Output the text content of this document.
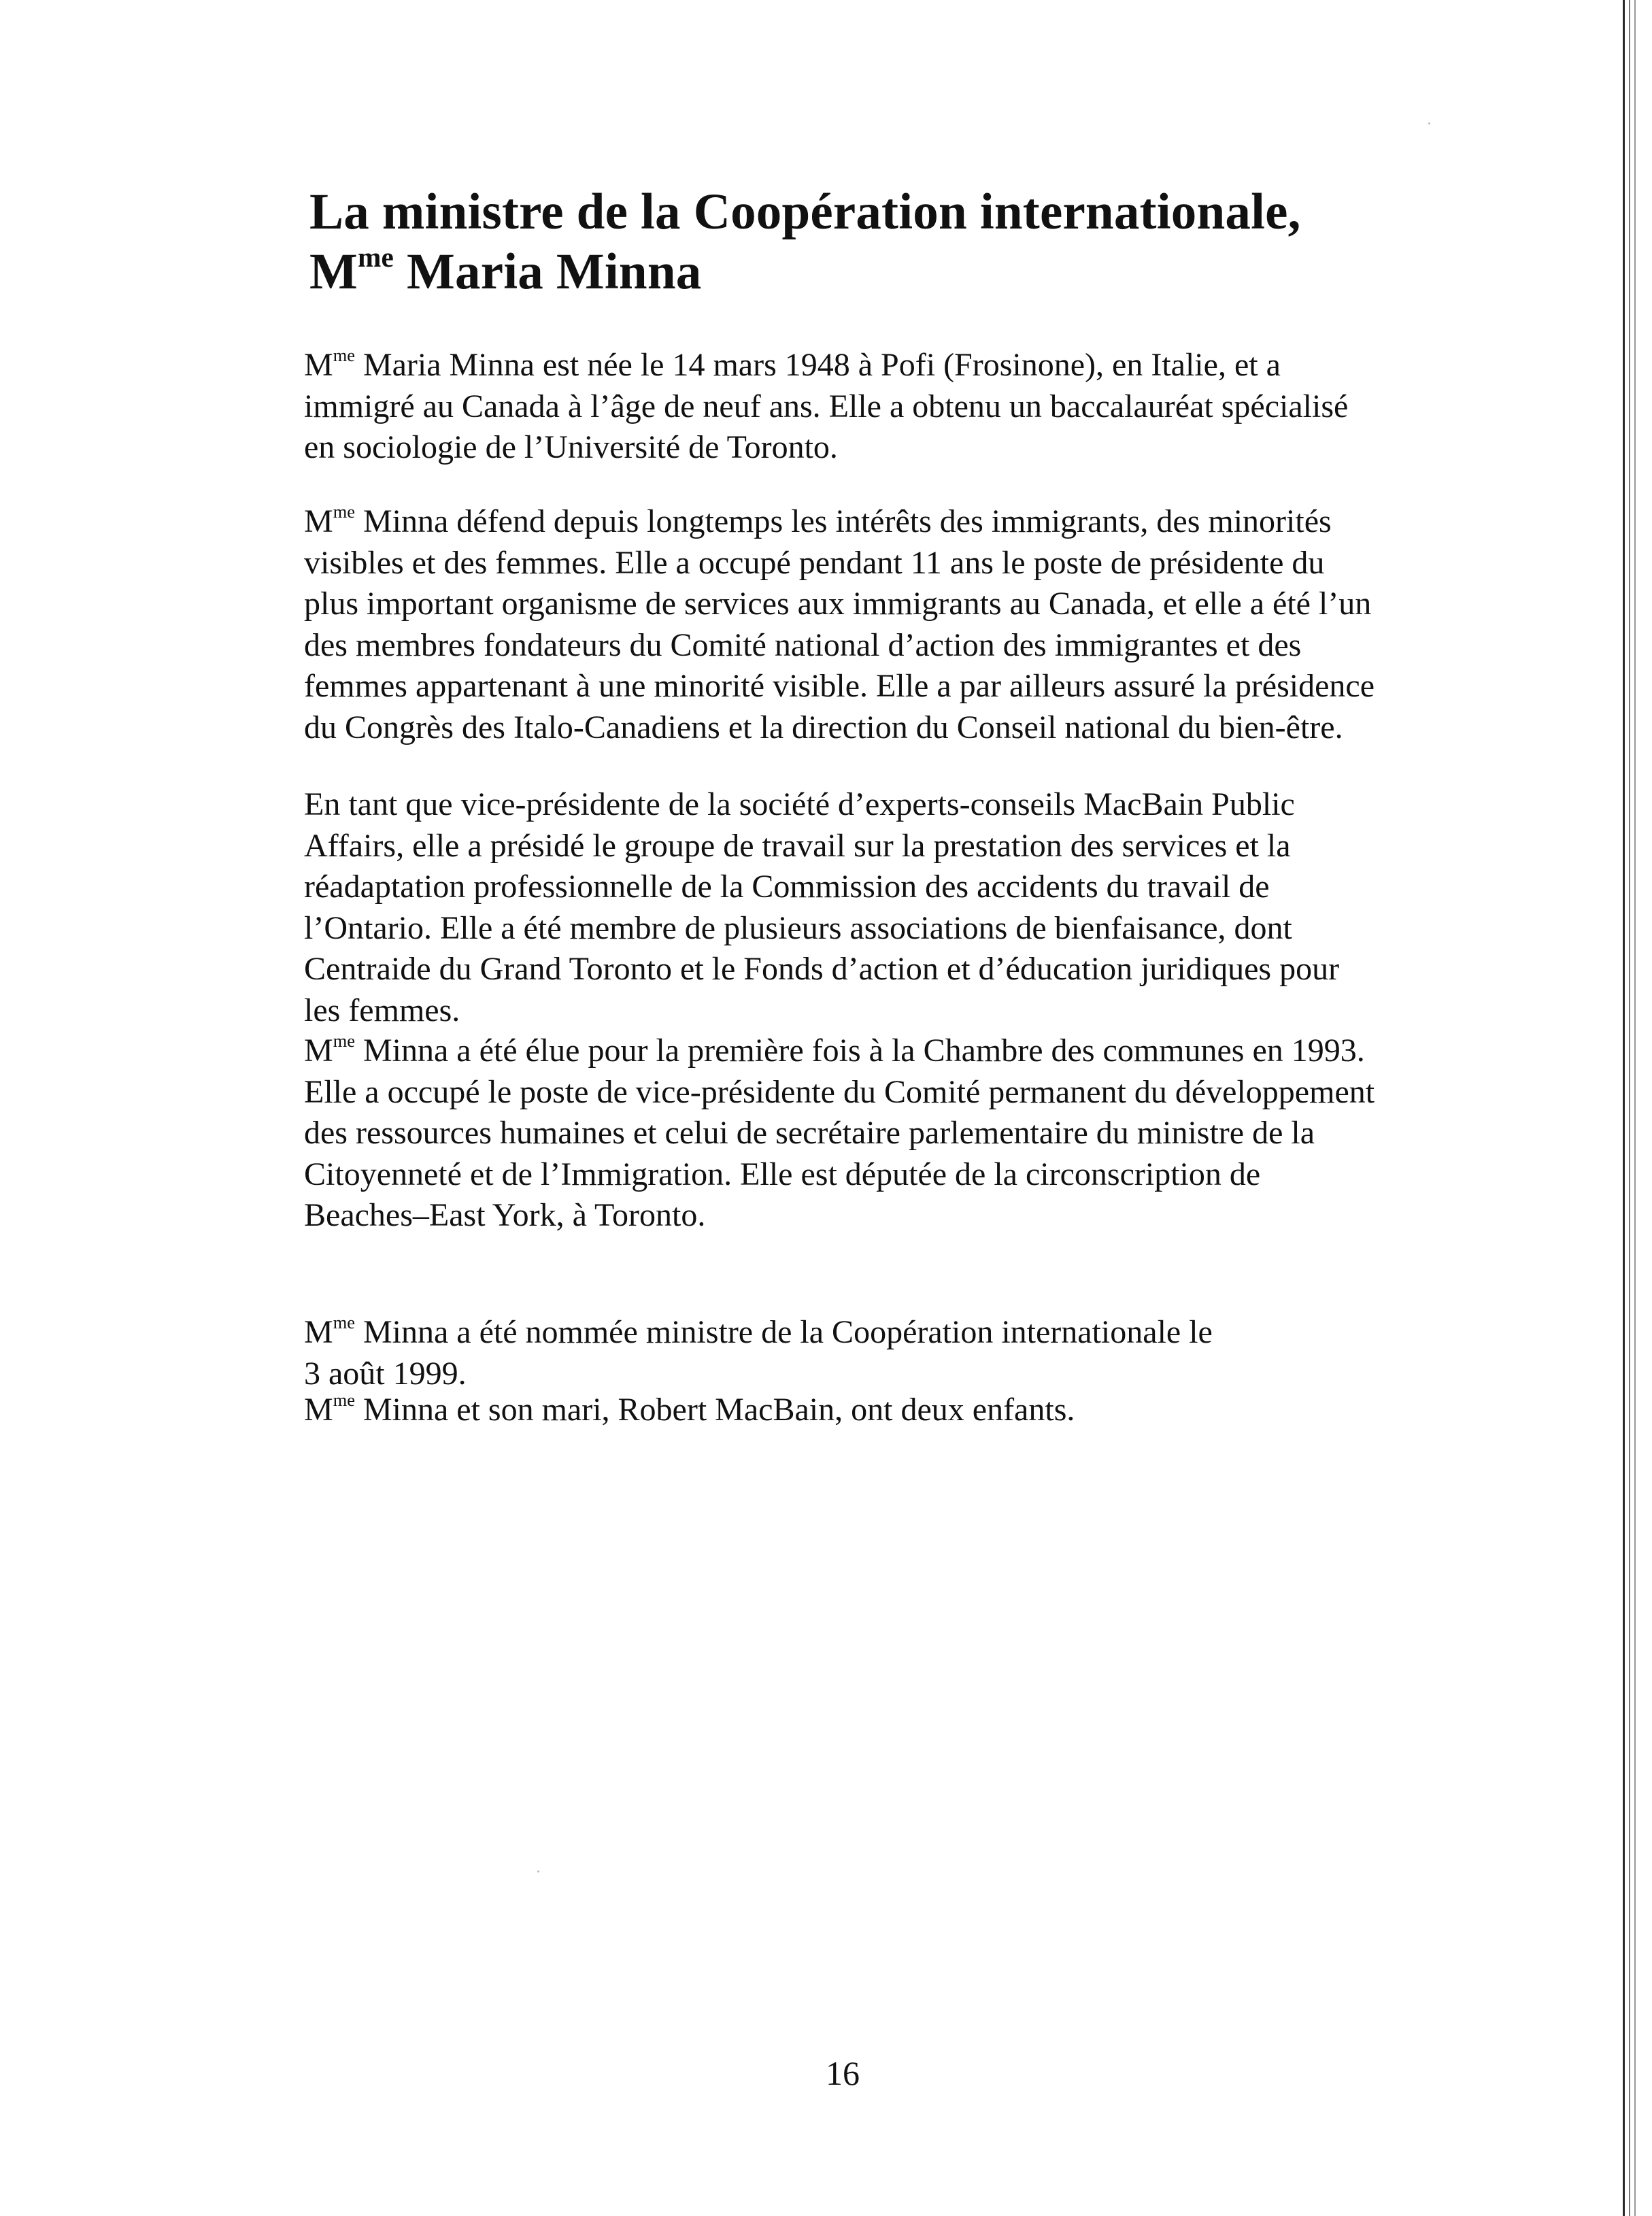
La ministre de la Coopération internationale,
$M^{me}$ Maria Minna

$M^{me}$ Maria Minna est née le 14 mars 1948 à Pofi (Frosinone), en Italie, et a
immigré au Canada à l’âge de neuf ans. Elle a obtenu un baccalauréat spécialisé
en sociologie de l’Université de Toronto.

$M^{me}$ Minna défend depuis longtemps les intérêts des immigrants, des minorités
visibles et des femmes. Elle a occupé pendant 11 ans le poste de présidente du
plus important organisme de services aux immigrants au Canada, et elle a été l’un
des membres fondateurs du Comité national d’action des immigrantes et des
femmes appartenant à une minorité visible. Elle a par ailleurs assuré la présidence
du Congrès des Italo-Canadiens et la direction du Conseil national du bien-être.

En tant que vice-présidente de la société d’experts-conseils MacBain Public
Affairs, elle a présidé le groupe de travail sur la prestation des services et la
réadaptation professionnelle de la Commission des accidents du travail de
l’Ontario. Elle a été membre de plusieurs associations de bienfaisance, dont
Centraide du Grand Toronto et le Fonds d’action et d’éducation juridiques pour
les femmes.

$M^{me}$ Minna a été élue pour la première fois à la Chambre des communes en 1993.
Elle a occupé le poste de vice-présidente du Comité permanent du développement
des ressources humaines et celui de secrétaire parlementaire du ministre de la
Citoyenneté et de l’Immigration. Elle est députée de la circonscription de
Beaches–East York, à Toronto.

$M^{me}$ Minna a été nommée ministre de la Coopération internationale le
3 août 1999.

$M^{me}$ Minna et son mari, Robert MacBain, ont deux enfants.

16
